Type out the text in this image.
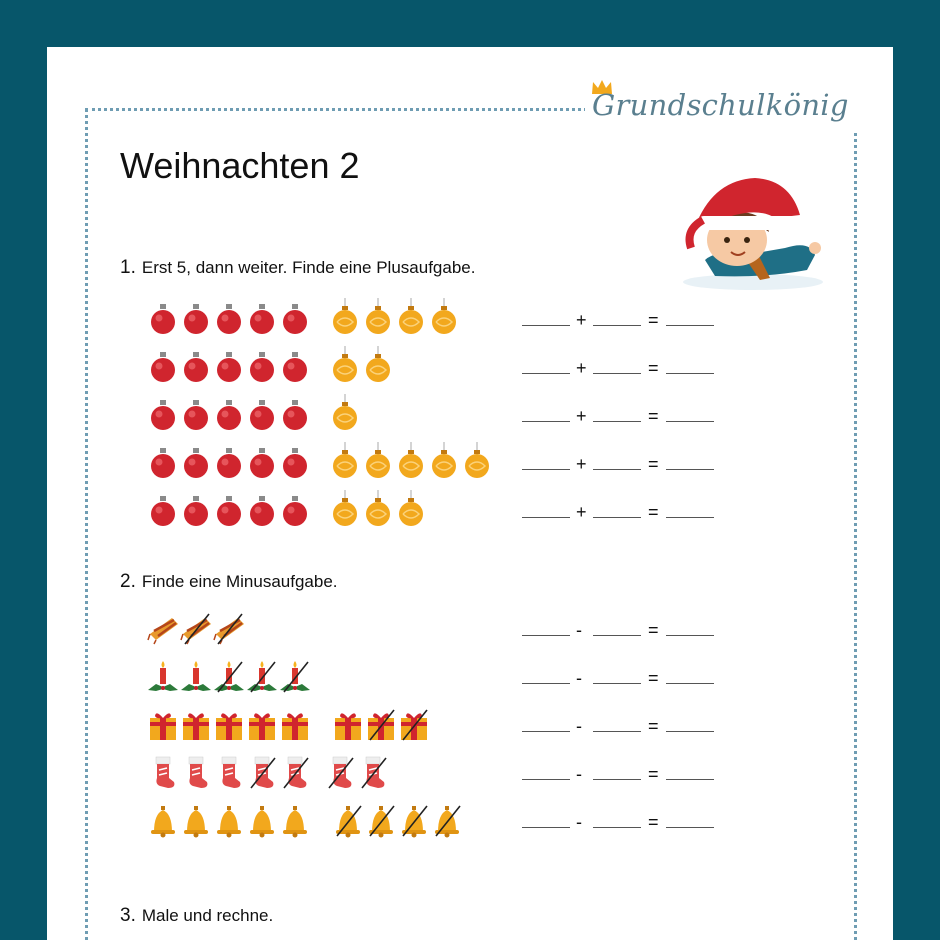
Grundschulkönig
Weihnachten 2
1. Erst 5, dann weiter. Finde eine Plusaufgabe.
+	=
+	=
+	=
+	=
+	=
2. Finde eine Minusaufgabe.
-	=
-	=
-	=
-	=
-	=
3. Male und rechne.
